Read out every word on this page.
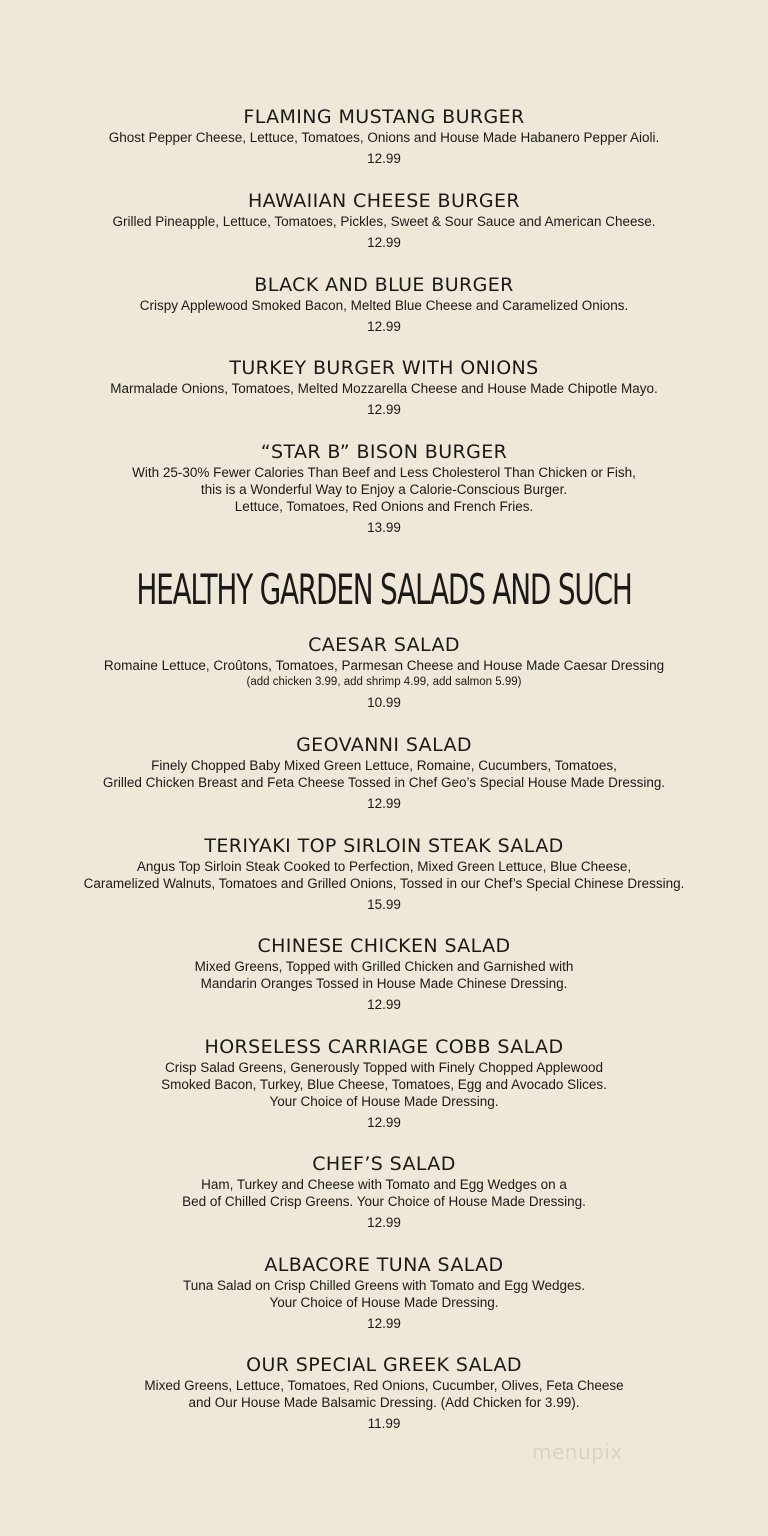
FLAMING MUSTANG BURGER
Ghost Pepper Cheese, Lettuce, Tomatoes, Onions and House Made Habanero Pepper Aioli.
12.99
HAWAIIAN CHEESE BURGER
Grilled Pineapple, Lettuce, Tomatoes, Pickles, Sweet & Sour Sauce and American Cheese.
12.99
BLACK AND BLUE BURGER
Crispy Applewood Smoked Bacon, Melted Blue Cheese and Caramelized Onions.
12.99
TURKEY BURGER WITH ONIONS
Marmalade Onions, Tomatoes, Melted Mozzarella Cheese and House Made Chipotle Mayo.
12.99
“STAR B” BISON BURGER
With 25-30% Fewer Calories Than Beef and Less Cholesterol Than Chicken or Fish,
this is a Wonderful Way to Enjoy a Calorie-Conscious Burger.
Lettuce, Tomatoes, Red Onions and French Fries.
13.99
HEALTHY GARDEN SALADS AND SUCH
CAESAR SALAD
Romaine Lettuce, Croûtons, Tomatoes, Parmesan Cheese and House Made Caesar Dressing
(add chicken 3.99, add shrimp 4.99, add salmon 5.99)
10.99
GEOVANNI SALAD
Finely Chopped Baby Mixed Green Lettuce, Romaine, Cucumbers, Tomatoes,
Grilled Chicken Breast and Feta Cheese Tossed in Chef Geo’s Special House Made Dressing.
12.99
TERIYAKI TOP SIRLOIN STEAK SALAD
Angus Top Sirloin Steak Cooked to Perfection, Mixed Green Lettuce, Blue Cheese,
Caramelized Walnuts, Tomatoes and Grilled Onions, Tossed in our Chef’s Special Chinese Dressing.
15.99
CHINESE CHICKEN SALAD
Mixed Greens, Topped with Grilled Chicken and Garnished with
Mandarin Oranges Tossed in House Made Chinese Dressing.
12.99
HORSELESS CARRIAGE COBB SALAD
Crisp Salad Greens, Generously Topped with Finely Chopped Applewood
Smoked Bacon, Turkey, Blue Cheese, Tomatoes, Egg and Avocado Slices.
Your Choice of House Made Dressing.
12.99
CHEF’S SALAD
Ham, Turkey and Cheese with Tomato and Egg Wedges on a
Bed of Chilled Crisp Greens. Your Choice of House Made Dressing.
12.99
ALBACORE TUNA SALAD
Tuna Salad on Crisp Chilled Greens with Tomato and Egg Wedges.
Your Choice of House Made Dressing.
12.99
OUR SPECIAL GREEK SALAD
Mixed Greens, Lettuce, Tomatoes, Red Onions, Cucumber, Olives, Feta Cheese
and Our House Made Balsamic Dressing. (Add Chicken for 3.99).
11.99
menupix
